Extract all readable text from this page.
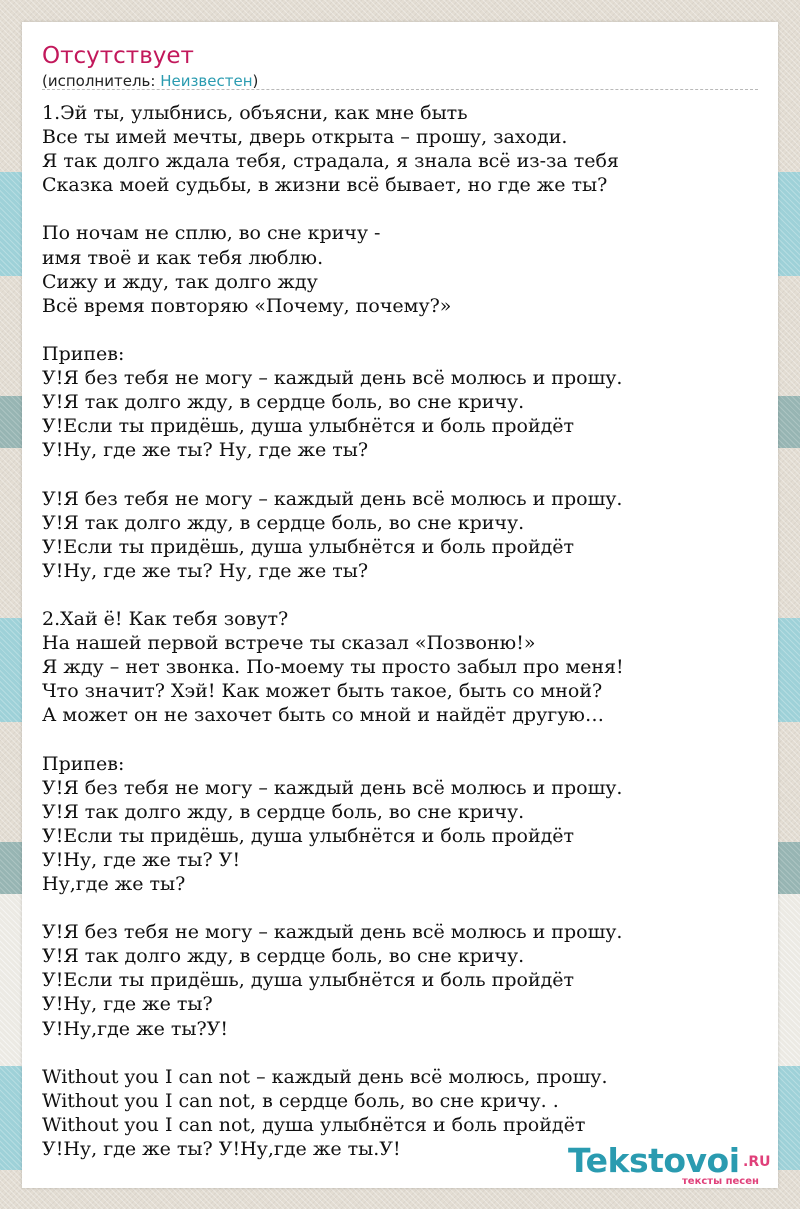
Отсутствует
(исполнитель: Неизвестен)
1.Эй ты, улыбнись, объясни, как мне быть
Все ты имей мечты, дверь открыта – прошу, заходи.
Я так долго ждала тебя, страдала, я знала всё из-за тебя
Сказка моей судьбы, в жизни всё бывает, но где же ты?
По ночам не сплю, во сне кричу -
имя твоё и как тебя люблю.
Сижу и жду, так долго жду
Всё время повторяю «Почему, почему?»
Припев:
У!Я без тебя не могу – каждый день всё молюсь и прошу.
У!Я так долго жду, в сердце боль, во сне кричу.
У!Если ты придёшь, душа улыбнётся и боль пройдёт
У!Ну, где же ты? Ну, где же ты?
У!Я без тебя не могу – каждый день всё молюсь и прошу.
У!Я так долго жду, в сердце боль, во сне кричу.
У!Если ты придёшь, душа улыбнётся и боль пройдёт
У!Ну, где же ты? Ну, где же ты?
2.Хай ё! Как тебя зовут?
На нашей первой встрече ты сказал «Позвоню!»
Я жду – нет звонка. По-моему ты просто забыл про меня!
Что значит? Хэй! Как может быть такое, быть со мной?
А может он не захочет быть со мной и найдёт другую…
Припев:
У!Я без тебя не могу – каждый день всё молюсь и прошу.
У!Я так долго жду, в сердце боль, во сне кричу.
У!Если ты придёшь, душа улыбнётся и боль пройдёт
У!Ну, где же ты? У!
Ну,где же ты?
У!Я без тебя не могу – каждый день всё молюсь и прошу.
У!Я так долго жду, в сердце боль, во сне кричу.
У!Если ты придёшь, душа улыбнётся и боль пройдёт
У!Ну, где же ты?
У!Ну,где же ты?У!
Without you I can not – каждый день всё молюсь, прошу.
Without you I can not, в сердце боль, во сне кричу. .
Without you I can not, душа улыбнётся и боль пройдёт
У!Ну, где же ты? У!Ну,где же ты.У!	Tekstovoi .RU
тексты песен
